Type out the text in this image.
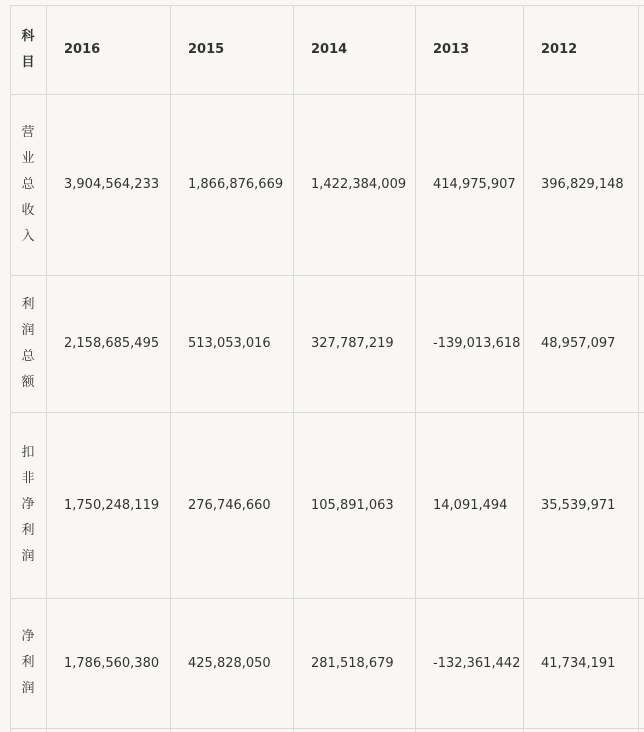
科
目
2016	2015	2014	2013	2012
营
业
总
收
入
3,904,564,233	1,866,876,669	1,422,384,009	414,975,907	396,829,148
利
润
总
额
2,158,685,495	513,053,016	327,787,219	-139,013,618	48,957,097
扣
非
净
利
润
1,750,248,119	276,746,660	105,891,063	14,091,494	35,539,971
净
利
润
1,786,560,380	425,828,050	281,518,679	-132,361,442	41,734,191
